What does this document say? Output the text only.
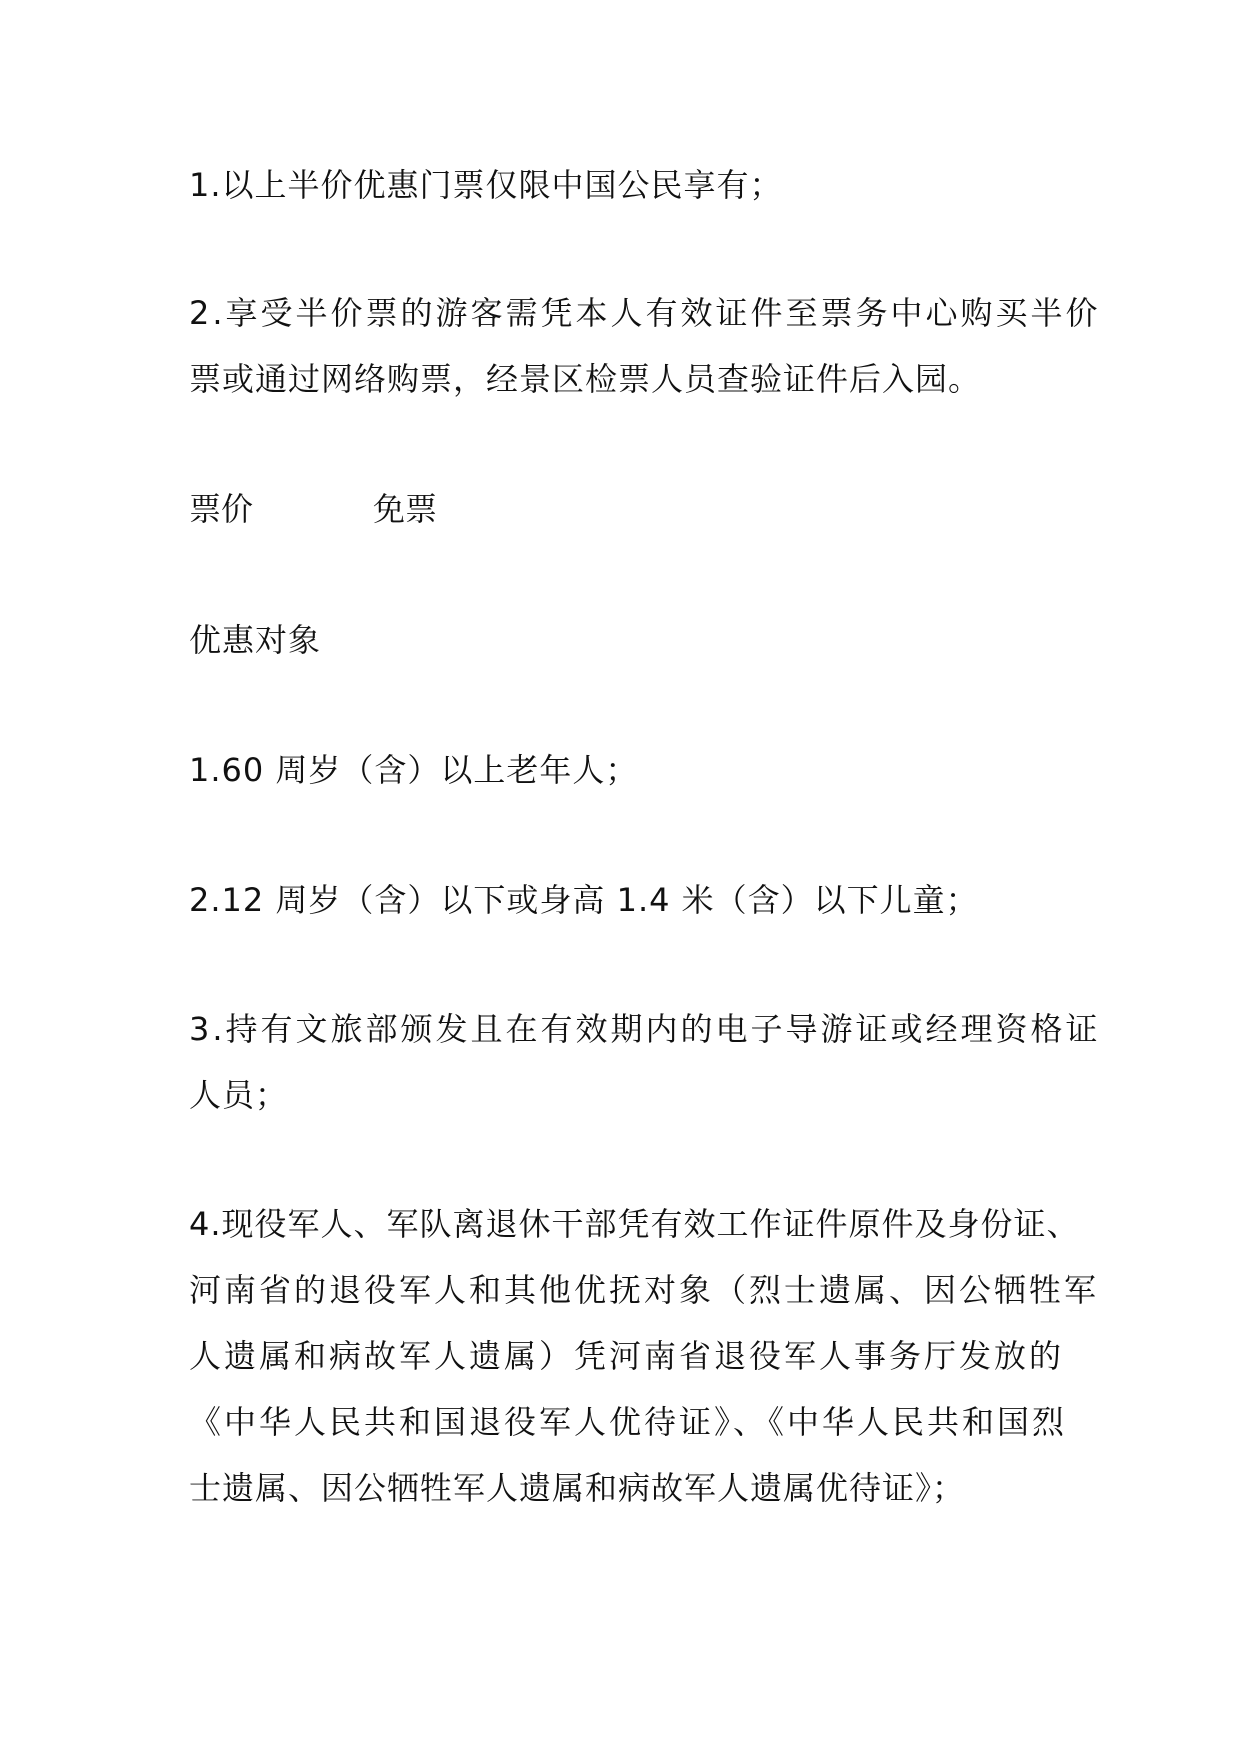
1.以上半价优惠门票仅限中国公民享有；
2.享受半价票的游客需凭本人有效证件至票务中心购买半价
票或通过网络购票，经景区检票人员查验证件后入园。
票价	免票
优惠对象
1.60 周岁（含）以上老年人；
2.12 周岁（含）以下或身高 1.4 米（含）以下儿童；
3.持有文旅部颁发且在有效期内的电子导游证或经理资格证
人员；
4.现役军人、军队离退休干部凭有效工作证件原件及身份证、
河南省的退役军人和其他优抚对象（烈士遗属、因公牺牲军
人遗属和病故军人遗属）凭河南省退役军人事务厅发放的
《中华人民共和国退役军人优待证》、《中华人民共和国烈
士遗属、因公牺牲军人遗属和病故军人遗属优待证》；
